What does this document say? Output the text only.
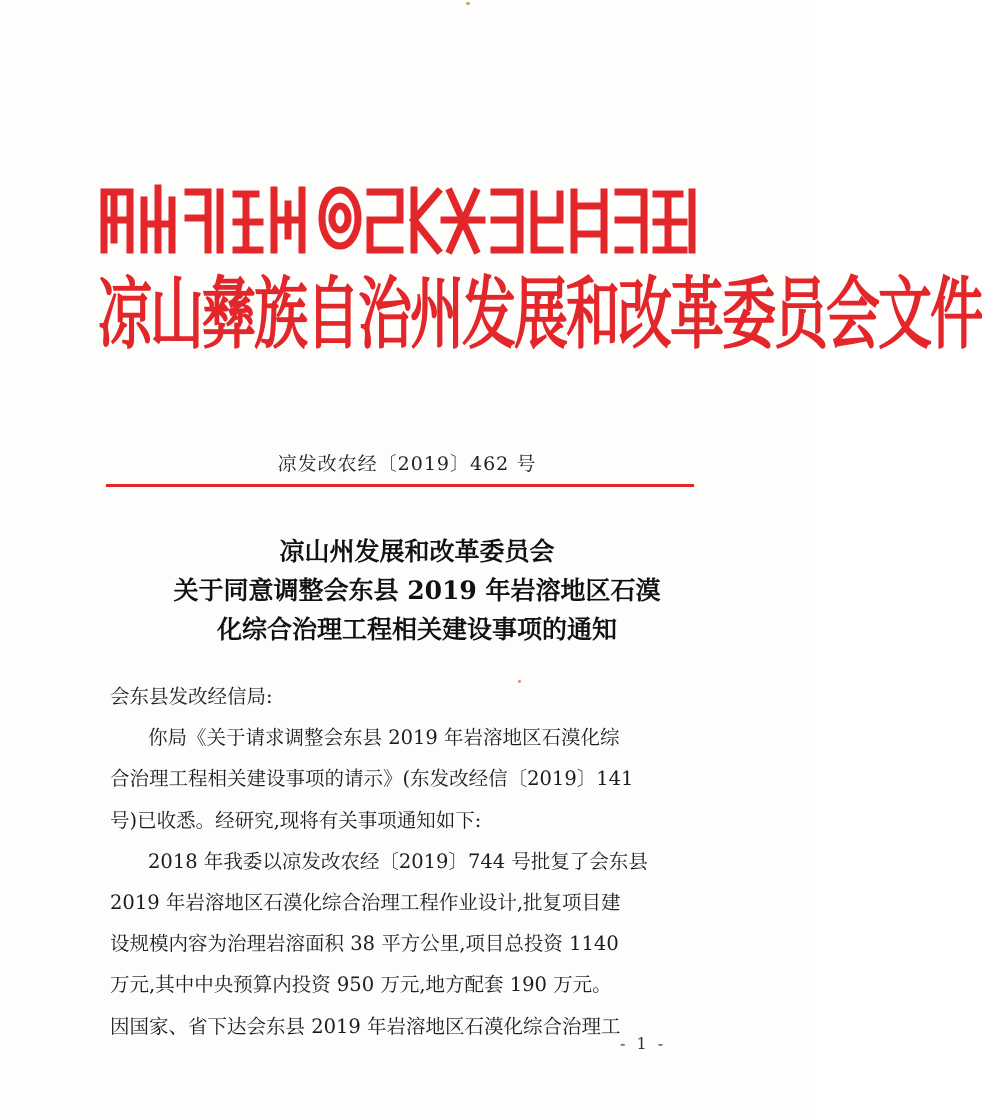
凉山彝族自治州发展和改革委员会文件
凉发改农经〔2019〕462 号
凉山州发展和改革委员会
关于同意调整会东县 2019 年岩溶地区石漠
化综合治理工程相关建设事项的通知

会东县发改经信局:

你局《关于请求调整会东县 2019 年岩溶地区石漠化综

合治理工程相关建设事项的请示》(东发改经信〔2019〕141

号)已收悉。经研究,现将有关事项通知如下:

2018 年我委以凉发改农经〔2019〕744 号批复了会东县

2019 年岩溶地区石漠化综合治理工程作业设计,批复项目建

设规模内容为治理岩溶面积 38 平方公里,项目总投资 1140

万元,其中中央预算内投资 950 万元,地方配套 190 万元。

因国家、省下达会东县 2019 年岩溶地区石漠化综合治理工

- 1 -
